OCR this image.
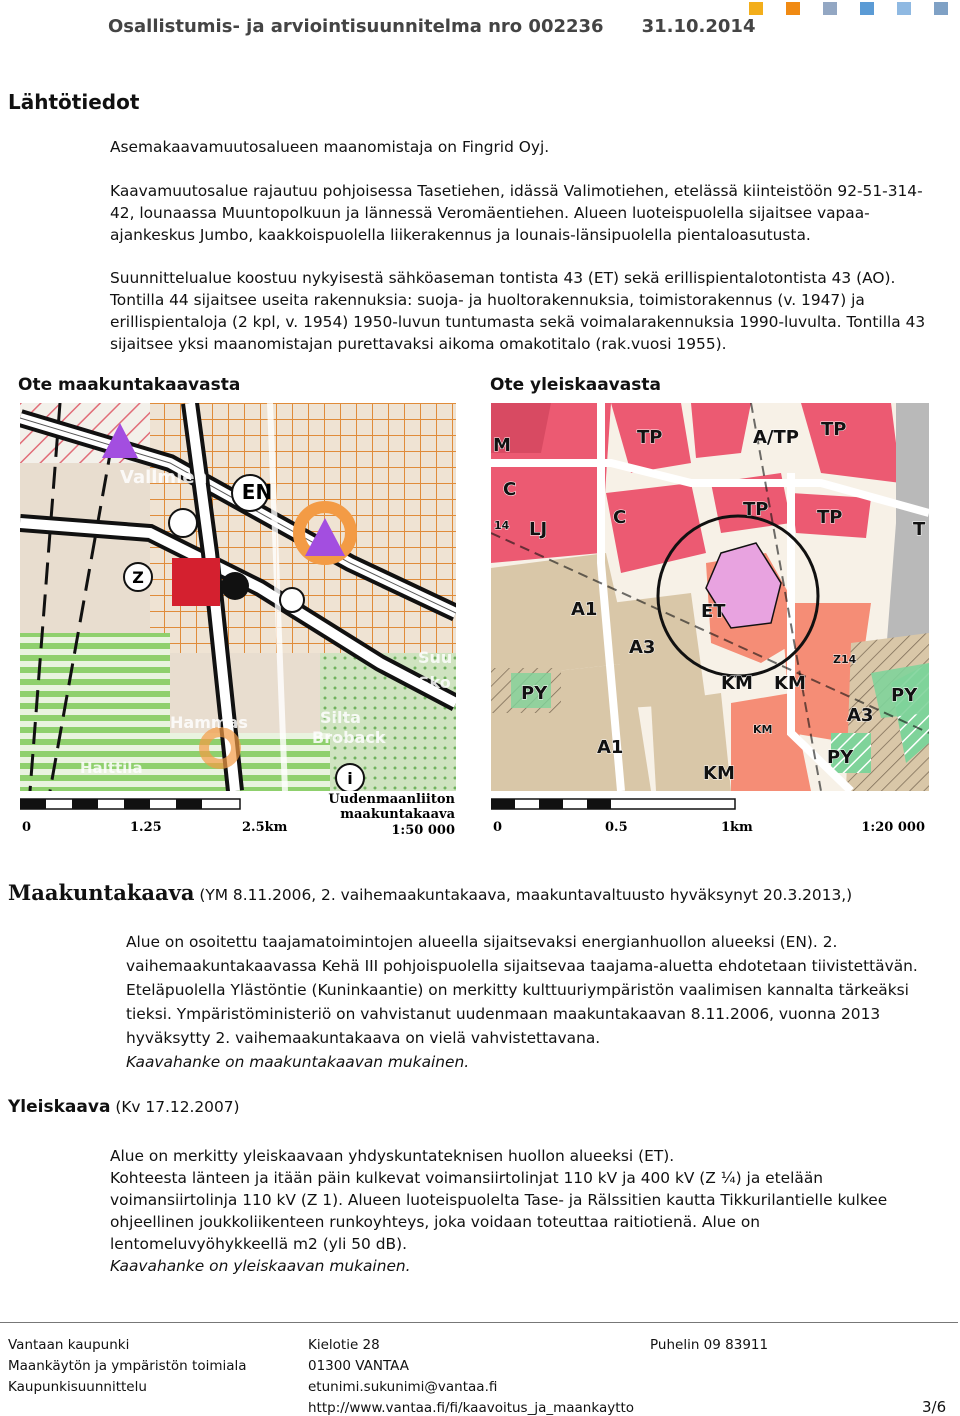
Osallistumis- ja arviointisuunnitelma nro 002236 31.10.2014
Lähtötiedot
Asemakaavamuutosalueen maanomistaja on Fingrid Oyj.
Kaavamuutosalue rajautuu pohjoisessa Tasetiehen, idässä Valimotiehen, etelässä kiinteistöön 92-51-314-
42, lounaassa Muuntopolkuun ja lännessä Veromäentiehen. Alueen luoteispuolella sijaitsee vapaa-
ajankeskus Jumbo, kaakkoispuolella liikerakennus ja lounais-länsipuolella pientaloasutusta.
Suunnittelualue koostuu nykyisestä sähköaseman tontista 43 (ET) sekä erillispientalotontista 43 (AO).
Tontilla 44 sijaitsee useita rakennuksia: suoja- ja huoltorakennuksia, toimistorakennus (v. 1947) ja
erillispientaloja (2 kpl, v. 1954) 1950-luvun tuntumasta sekä voimalarakennuksia 1990-luvulta. Tontilla 43
sijaitsee yksi maanomistajan purettavaksi aikoma omakotitalo (rak.vuosi 1955).
Ote maakuntakaavasta	Ote yleiskaavasta
EN
Z
i
Vallmieh
Suu
Sko
Silta
Broback
Hammas
Halttila
0	1.25	2.5km
Uudenmaanliiton
maakuntakaava
1:50 000
M	TP	A/TP TP
C
14 LJ
C	TP	TP
T
A1
A3
ET
Z14
PY	KM KM
PY
A3
PY
A1
KM
KM
0	0.5	1km	1:20 000
Maakuntakaava (YM 8.11.2006, 2. vaihemaakuntakaava, maakuntavaltuusto hyväksynyt 20.3.2013,)
Alue on osoitettu taajamatoimintojen alueella sijaitsevaksi energianhuollon alueeksi (EN). 2.
vaihemaakuntakaavassa Kehä III pohjoispuolella sijaitsevaa taajama-aluetta ehdotetaan tiivistettävän.
Eteläpuolella Ylästöntie (Kuninkaantie) on merkitty kulttuuriympäristön vaalimisen kannalta tärkeäksi
tieksi. Ympäristöministeriö on vahvistanut uudenmaan maakuntakaavan 8.11.2006, vuonna 2013
hyväksytty 2. vaihemaakuntakaava on vielä vahvistettavana.
Kaavahanke on maakuntakaavan mukainen.
Yleiskaava (Kv 17.12.2007)
Alue on merkitty yleiskaavaan yhdyskuntateknisen huollon alueeksi (ET).
Kohteesta länteen ja itään päin kulkevat voimansiirtolinjat 110 kV ja 400 kV (Z ¼) ja etelään
voimansiirtolinja 110 kV (Z 1). Alueen luoteispuolelta Tase- ja Rälssitien kautta Tikkurilantielle kulkee
ohjeellinen joukkoliikenteen runkoyhteys, joka voidaan toteuttaa raitiotienä. Alue on
lentomeluvyöhykkeellä m2 (yli 50 dB).
Kaavahanke on yleiskaavan mukainen.
Vantaan kaupunki
Maankäytön ja ympäristön toimiala
Kaupunkisuunnittelu
Kielotie 28
01300 VANTAA
etunimi.sukunimi@vantaa.fi
http://www.vantaa.fi/fi/kaavoitus_ja_maankaytto
Puhelin 09 83911
3/6
